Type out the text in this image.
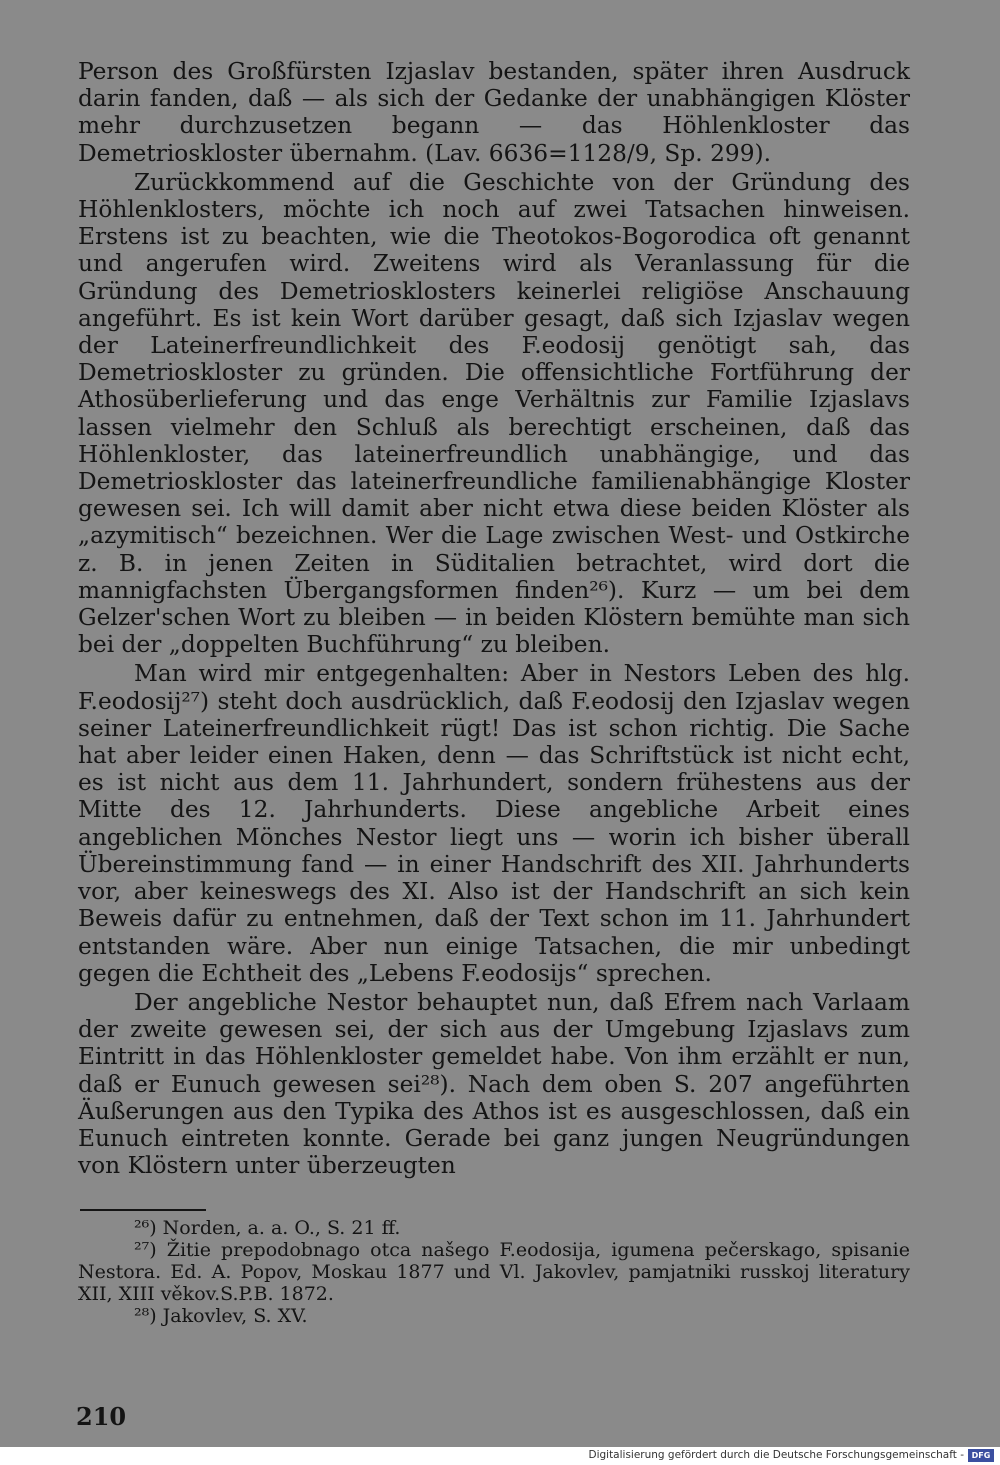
Person des Großfürsten Izjaslav bestanden, später ihren Ausdruck darin fanden, daß — als sich der Gedanke der unabhängigen Klöster mehr durchzusetzen begann — das Höhlenkloster das Demetrioskloster übernahm. (Lav. 6636=1128/9, Sp. 299).

Zurückkommend auf die Geschichte von der Gründung des Höhlenklosters, möchte ich noch auf zwei Tatsachen hinweisen. Erstens ist zu beachten, wie die Theotokos-Bogorodica oft genannt und angerufen wird. Zweitens wird als Veranlassung für die Gründung des Demetriosklosters keinerlei religiöse Anschauung angeführt. Es ist kein Wort darüber gesagt, daß sich Izjaslav wegen der Lateinerfreundlichkeit des F.eodosij genötigt sah, das Demetrioskloster zu gründen. Die offensichtliche Fortführung der Athosüberlieferung und das enge Verhältnis zur Familie Izjaslavs lassen vielmehr den Schluß als berechtigt erscheinen, daß das Höhlenkloster, das lateinerfreundlich unabhängige, und das Demetrioskloster das lateinerfreundliche familienabhängige Kloster gewesen sei. Ich will damit aber nicht etwa diese beiden Klöster als „azymitisch“ bezeichnen. Wer die Lage zwischen West- und Ostkirche z. B. in jenen Zeiten in Süditalien betrachtet, wird dort die mannigfachsten Übergangsformen finden²⁶). Kurz — um bei dem Gelzer'schen Wort zu bleiben — in beiden Klöstern bemühte man sich bei der „doppelten Buchführung“ zu bleiben.

Man wird mir entgegenhalten: Aber in Nestors Leben des hlg. F.eodosij²⁷) steht doch ausdrücklich, daß F.eodosij den Izjaslav wegen seiner Lateinerfreundlichkeit rügt! Das ist schon richtig. Die Sache hat aber leider einen Haken, denn — das Schriftstück ist nicht echt, es ist nicht aus dem 11. Jahrhundert, sondern frühestens aus der Mitte des 12. Jahrhunderts. Diese angebliche Arbeit eines angeblichen Mönches Nestor liegt uns — worin ich bisher überall Übereinstimmung fand — in einer Handschrift des XII. Jahrhunderts vor, aber keineswegs des XI. Also ist der Handschrift an sich kein Beweis dafür zu entnehmen, daß der Text schon im 11. Jahrhundert entstanden wäre. Aber nun einige Tatsachen, die mir unbedingt gegen die Echtheit des „Lebens F.eodosijs“ sprechen.

Der angebliche Nestor behauptet nun, daß Efrem nach Varlaam der zweite gewesen sei, der sich aus der Umgebung Izjaslavs zum Eintritt in das Höhlenkloster gemeldet habe. Von ihm erzählt er nun, daß er Eunuch gewesen sei²⁸). Nach dem oben S. 207 angeführten Äußerungen aus den Typika des Athos ist es ausgeschlossen, daß ein Eunuch eintreten konnte. Gerade bei ganz jungen Neugründungen von Klöstern unter überzeugten

²⁶) Norden, a. a. O., S. 21 ff.

²⁷) Žitie prepodobnago otca našego F.eodosija, igumena pečerskago, spisanie Nestora. Ed. A. Popov, Moskau 1877 und Vl. Jakovlev, pamjatniki russkoj literatury XII, XIII věkov.S.P.B. 1872.

²⁸) Jakovlev, S. XV.

210
Digitalisierung gefördert durch die Deutsche Forschungsgemeinschaft - DFG
